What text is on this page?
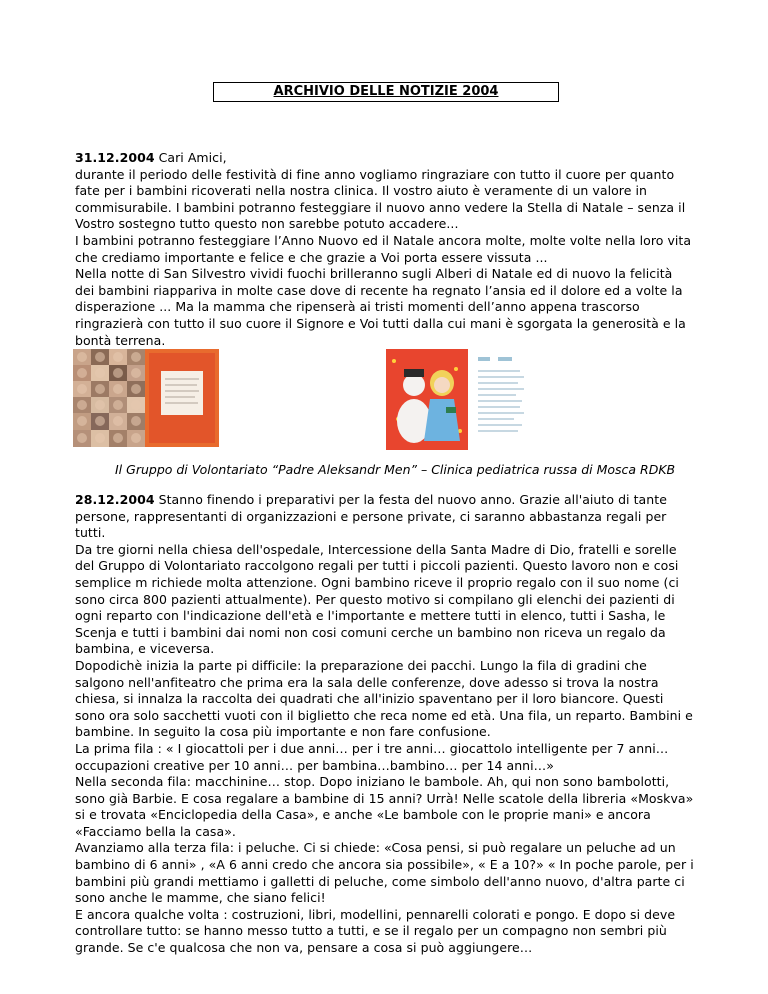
ARCHIVIO DELLE NOTIZIE 2004

31.12.2004 Cari Amici,

durante il periodo delle festività di fine anno vogliamo ringraziare con tutto il cuore per quanto fate per i bambini ricoverati nella nostra clinica. Il vostro aiuto è veramente di un valore in commisurabile. I bambini potranno festeggiare il nuovo anno vedere la Stella di Natale – senza il Vostro sostegno tutto questo non sarebbe potuto accadere...

I bambini potranno festeggiare l’Anno Nuovo ed il Natale ancora molte, molte volte nella loro vita che crediamo importante e felice e che grazie a Voi porta essere vissuta ...

Nella notte di San Silvestro vividi fuochi brilleranno sugli Alberi di Natale ed di nuovo la felicità dei bambini riappariva in molte case dove di recente ha regnato l’ansia ed il dolore ed a volte la disperazione ... Ma la mamma che ripenserà ai tristi momenti dell’anno appena trascorso ringrazierà con tutto il suo cuore il Signore e Voi tutti dalla cui mani è sgorgata la generosità e la bontà terrena.

Il Gruppo di Volontariato “Padre Aleksandr Men” – Clinica pediatrica russa di Mosca RDKB

28.12.2004 Stanno finendo i preparativi per la festa del nuovo anno. Grazie all'aiuto di tante persone, rappresentanti di organizzazioni e persone private, ci saranno abbastanza regali per tutti.

Da tre giorni nella chiesa dell'ospedale, Intercessione della Santa Madre di Dio, fratelli e sorelle del Gruppo di Volontariato raccolgono regali per tutti i piccoli pazienti. Questo lavoro non e cosi semplice m richiede molta attenzione. Ogni bambino riceve il proprio regalo con il suo nome (ci sono circa 800 pazienti attualmente). Per questo motivo si compilano gli elenchi dei pazienti di ogni reparto con l'indicazione dell'età e l'importante e mettere tutti in elenco, tutti i Sasha, le Scenja e tutti i bambini dai nomi non cosi comuni cerche un bambino non riceva un regalo da bambina, e viceversa.

Dopodichè inizia la parte pi difficile: la preparazione dei pacchi. Lungo la fila di gradini che salgono nell'anfiteatro che prima era la sala delle conferenze, dove adesso si trova la nostra chiesa, si innalza la raccolta dei quadrati che all'inizio spaventano per il loro biancore. Questi sono ora solo sacchetti vuoti con il biglietto che reca nome ed età. Una fila, un reparto. Bambini e bambine. In seguito la cosa più importante e non fare confusione.

La prima fila : « I giocattoli per i due anni… per i tre anni… giocattolo intelligente per 7 anni… occupazioni creative per 10 anni… per bambina…bambino… per 14 anni…»

Nella seconda fila: macchinine… stop. Dopo iniziano le bambole. Ah, qui non sono bambolotti, sono già Barbie. E cosa regalare a bambine di 15 anni? Urrà! Nelle scatole della libreria «Moskva» si e trovata «Enciclopedia della Casa», e anche «Le bambole con le proprie mani» e ancora «Facciamo bella la casa».

Avanziamo alla terza fila: i peluche. Ci si chiede: «Cosa pensi, si può regalare un peluche ad un bambino di 6 anni» , «A 6 anni credo che ancora sia possibile», « E a 10?» « In poche parole, per i bambini più grandi mettiamo i galletti di peluche, come simbolo dell'anno nuovo, d'altra parte ci sono anche le mamme, che siano felici!

E ancora qualche volta : costruzioni, libri, modellini, pennarelli colorati e pongo. E dopo si deve controllare tutto: se hanno messo tutto a tutti, e se il regalo per un compagno non sembri più grande. Se c'e qualcosa che non va, pensare a cosa si può aggiungere…
